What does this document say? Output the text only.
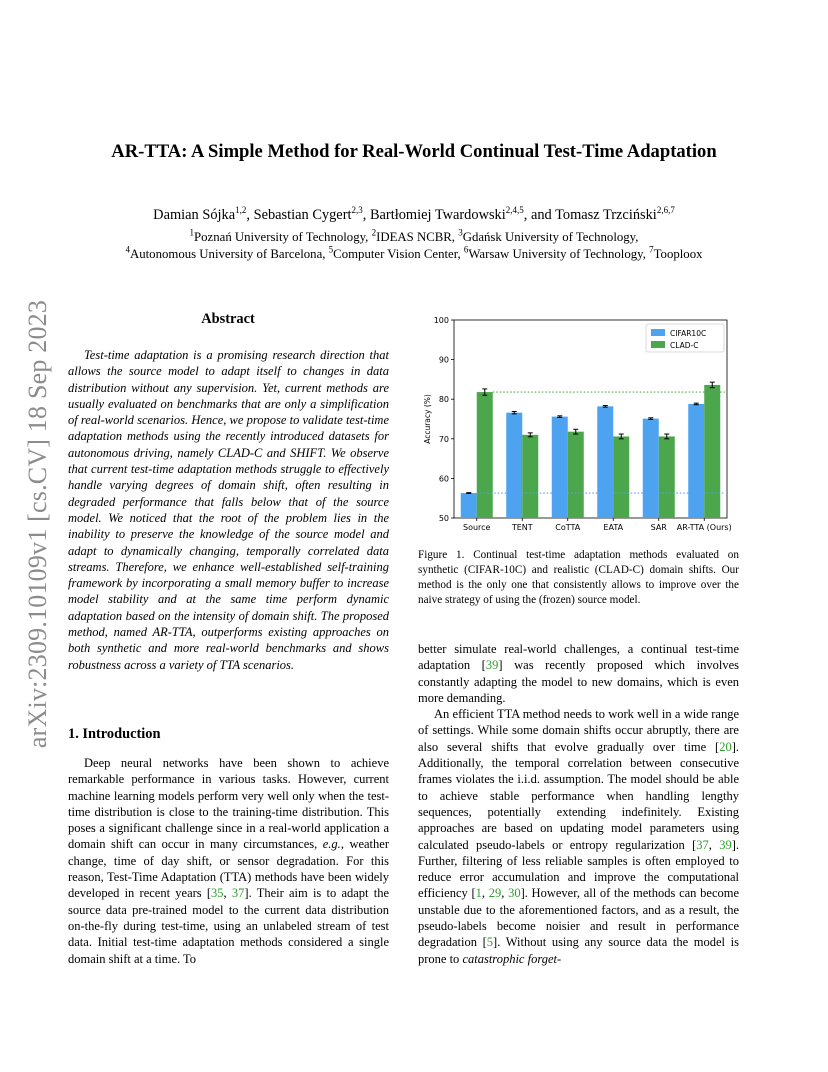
arXiv:2309.10109v1 [cs.CV] 18 Sep 2023
AR-TTA: A Simple Method for Real-World Continual Test-Time Adaptation
Damian Sójka$^{1,2}$, Sebastian Cygert$^{2,3}$, Bartłomiej Twardowski$^{2,4,5}$, and Tomasz Trzciński$^{2,6,7}$
$^1$Poznań University of Technology, $^2$IDEAS NCBR, $^3$Gdańsk University of Technology,
$^4$Autonomous University of Barcelona, $^5$Computer Vision Center, $^6$Warsaw University of Technology, $^7$Tooploox
Abstract
Test-time adaptation is a promising research direction that allows the source model to adapt itself to changes in data distribution without any supervision. Yet, current methods are usually evaluated on benchmarks that are only a simplification of real-world scenarios. Hence, we propose to validate test-time adaptation methods using the recently introduced datasets for autonomous driving, namely CLAD-C and SHIFT. We observe that current test-time adaptation methods struggle to effectively handle varying degrees of domain shift, often resulting in degraded performance that falls below that of the source model. We noticed that the root of the problem lies in the inability to preserve the knowledge of the source model and adapt to dynamically changing, temporally correlated data streams. Therefore, we enhance well-established self-training framework by incorporating a small memory buffer to increase model stability and at the same time perform dynamic adaptation based on the intensity of domain shift. The proposed method, named AR-TTA, outperforms existing approaches on both synthetic and more real-world benchmarks and shows robustness across a variety of TTA scenarios.
1. Introduction
Deep neural networks have been shown to achieve remarkable performance in various tasks. However, current machine learning models perform very well only when the test-time distribution is close to the training-time distribution. This poses a significant challenge since in a real-world application a domain shift can occur in many circumstances, e.g., weather change, time of day shift, or sensor degradation. For this reason, Test-Time Adaptation (TTA) methods have been widely developed in recent years [35, 37]. Their aim is to adapt the source data pre-trained model to the current data distribution on-the-fly during test-time, using an unlabeled stream of test data. Initial test-time adaptation methods considered a single domain shift at a time. To
50
60
70
80
90
100
Accuracy (%)
Source	TENT	CoTTA	EATA	SAR AR-TTA (Ours)
CIFAR10C
CLAD-C
Figure 1. Continual test-time adaptation methods evaluated on synthetic (CIFAR-10C) and realistic (CLAD-C) domain shifts. Our method is the only one that consistently allows to improve over the naive strategy of using the (frozen) source model.

better simulate real-world challenges, a continual test-time adaptation [39] was recently proposed which involves constantly adapting the model to new domains, which is even more demanding.

An efficient TTA method needs to work well in a wide range of settings. While some domain shifts occur abruptly, there are also several shifts that evolve gradually over time [20]. Additionally, the temporal correlation between consecutive frames violates the i.i.d. assumption. The model should be able to achieve stable performance when handling lengthy sequences, potentially extending indefinitely. Existing approaches are based on updating model parameters using calculated pseudo-labels or entropy regularization [37, 39]. Further, filtering of less reliable samples is often employed to reduce error accumulation and improve the computational efficiency [1, 29, 30]. However, all of the methods can become unstable due to the aforementioned factors, and as a result, the pseudo-labels become noisier and result in performance degradation [5]. Without using any source data the model is prone to catastrophic forget-
